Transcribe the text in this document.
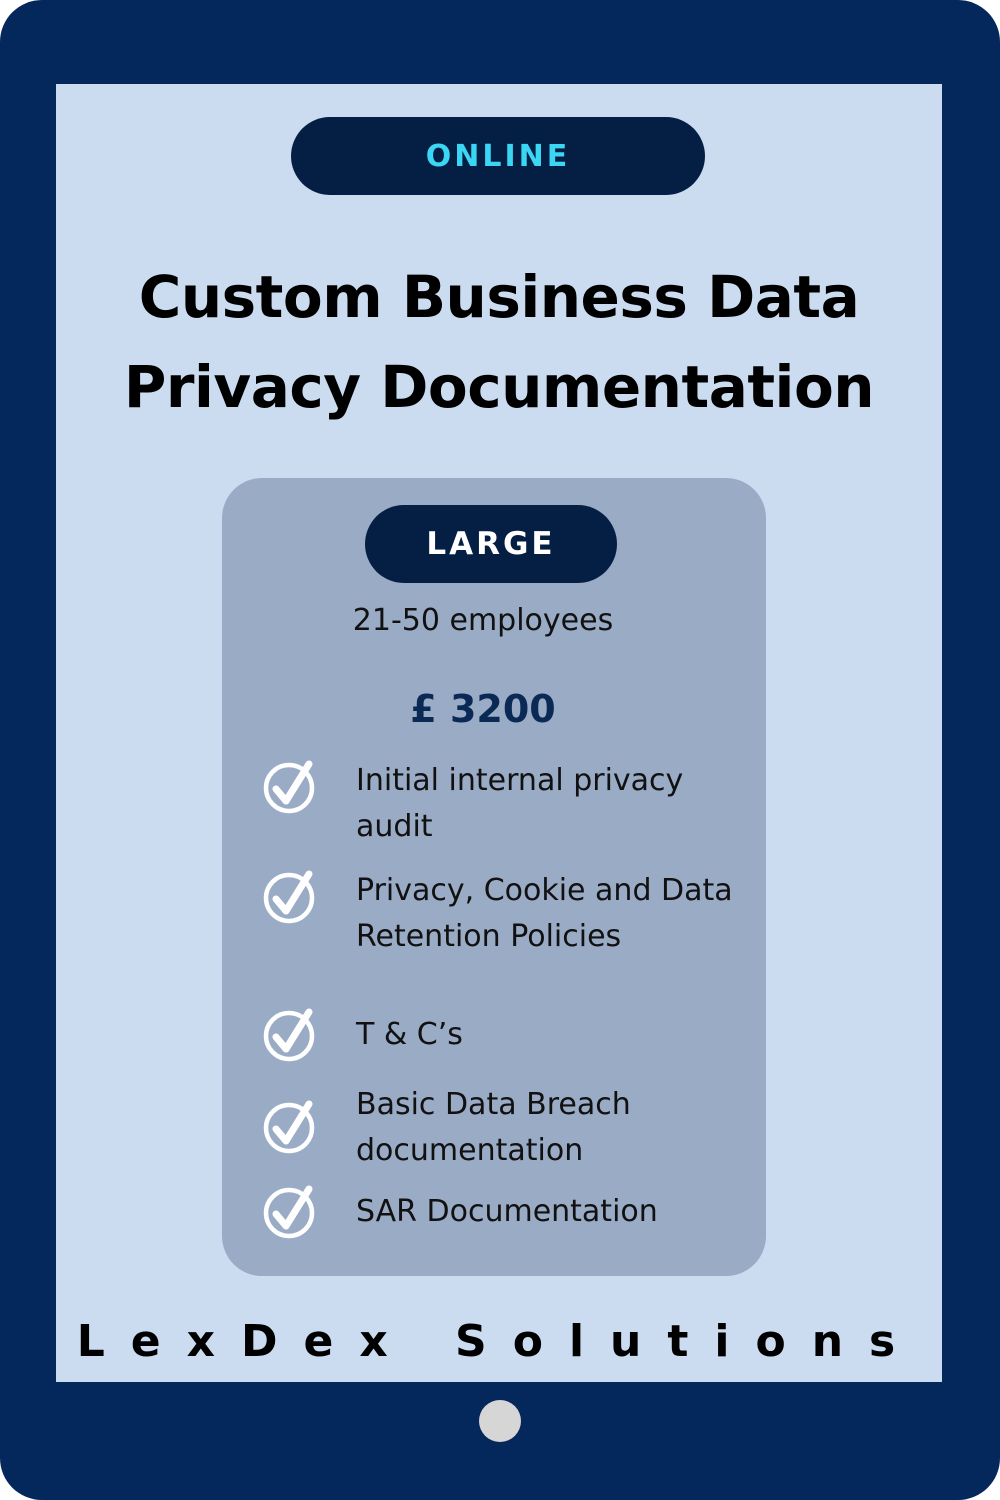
ONLINE
Custom Business Data
Privacy Documentation
LARGE
21-50 employees
£ 3200
Initial internal privacy audit
Privacy, Cookie and Data Retention Policies
T & C’s
Basic Data Breach documentation
SAR Documentation
LexDex Solutions
